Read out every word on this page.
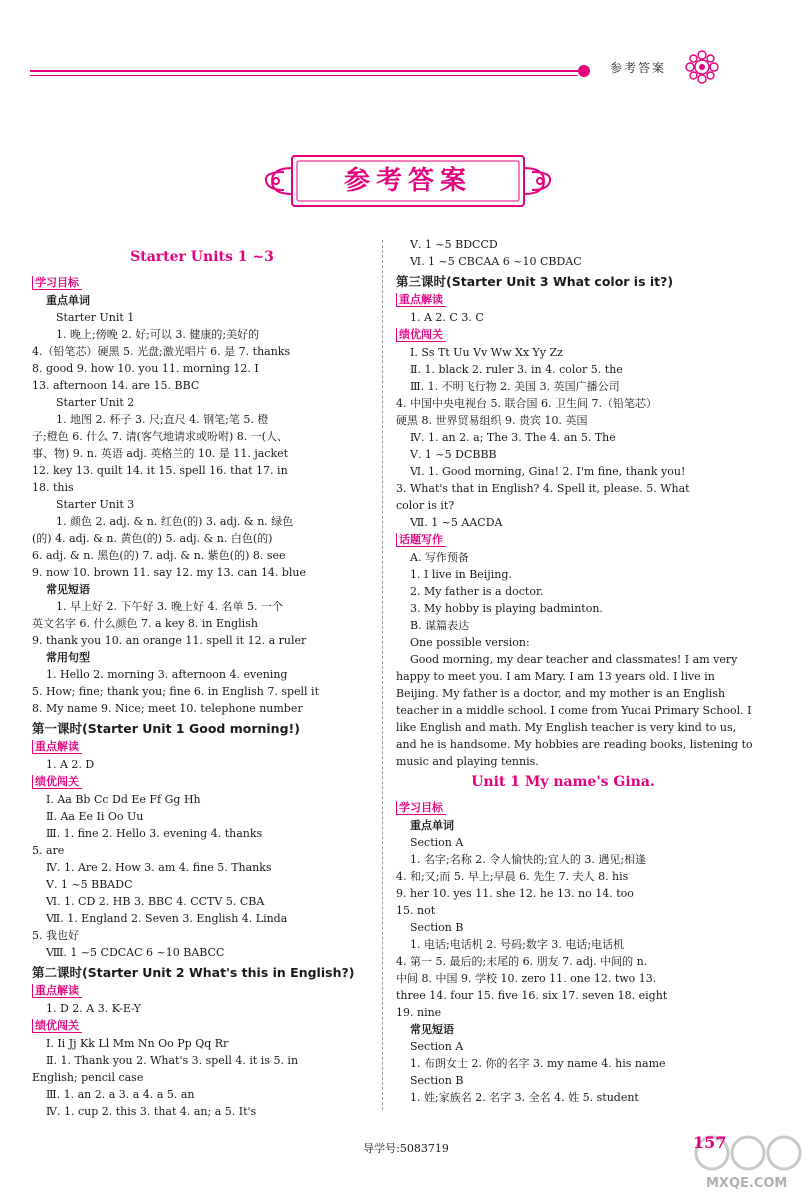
参考答案
参考答案

Starter Units 1 ~3

学习目标

重点单词

Starter Unit 1

1. 晚上;傍晚 2. 好;可以 3. 健康的;美好的

4.（铅笔芯）硬黑 5. 光盘;激光唱片 6. 是 7. thanks

8. good 9. how 10. you 11. morning 12. I

13. afternoon 14. are 15. BBC

Starter Unit 2

1. 地图 2. 杯子 3. 尺;直尺 4. 钢笔;笔 5. 橙

子;橙色 6. 什么 7. 请(客气地请求或吩咐) 8. 一(人、

事、物) 9. n. 英语 adj. 英格兰的 10. 是 11. jacket

12. key 13. quilt 14. it 15. spell 16. that 17. in

18. this

Starter Unit 3

1. 颜色 2. adj. & n. 红色(的) 3. adj. & n. 绿色

(的) 4. adj. & n. 黄色(的) 5. adj. & n. 白色(的)

6. adj. & n. 黑色(的) 7. adj. & n. 紫色(的) 8. see

9. now 10. brown 11. say 12. my 13. can 14. blue

常见短语

1. 早上好 2. 下午好 3. 晚上好 4. 名单 5. 一个

英文名字 6. 什么颜色 7. a key 8. in English

9. thank you 10. an orange 11. spell it 12. a ruler

常用句型

1. Hello 2. morning 3. afternoon 4. evening

5. How; fine; thank you; fine 6. in English 7. spell it

8. My name 9. Nice; meet 10. telephone number

第一课时(Starter Unit 1 Good morning!)

重点解读

1. A 2. D

绩优闯关

Ⅰ. Aa Bb Cc Dd Ee Ff Gg Hh

Ⅱ. Aa Ee Ii Oo Uu

Ⅲ. 1. fine 2. Hello 3. evening 4. thanks

5. are

Ⅳ. 1. Are 2. How 3. am 4. fine 5. Thanks

Ⅴ. 1 ~5 BBADC

Ⅵ. 1. CD 2. HB 3. BBC 4. CCTV 5. CBA

Ⅶ. 1. England 2. Seven 3. English 4. Linda

5. 我也好

Ⅷ. 1 ~5 CDCAC 6 ~10 BABCC

第二课时(Starter Unit 2 What's this in English?)

重点解读

1. D 2. A 3. K-E-Y

绩优闯关

Ⅰ. Ii Jj Kk Ll Mm Nn Oo Pp Qq Rr

Ⅱ. 1. Thank you 2. What's 3. spell 4. it is 5. in

English; pencil case

Ⅲ. 1. an 2. a 3. a 4. a 5. an

Ⅳ. 1. cup 2. this 3. that 4. an; a 5. It's

Ⅴ. 1 ~5 BDCCD

Ⅵ. 1 ~5 CBCAA 6 ~10 CBDAC

第三课时(Starter Unit 3 What color is it?)

重点解读

1. A 2. C 3. C

绩优闯关

Ⅰ. Ss Tt Uu Vv Ww Xx Yy Zz

Ⅱ. 1. black 2. ruler 3. in 4. color 5. the

Ⅲ. 1. 不明飞行物 2. 美国 3. 英国广播公司

4. 中国中央电视台 5. 联合国 6. 卫生间 7.（铅笔芯）

硬黑 8. 世界贸易组织 9. 贵宾 10. 英国

Ⅳ. 1. an 2. a; The 3. The 4. an 5. The

Ⅴ. 1 ~5 DCBBB

Ⅵ. 1. Good morning, Gina! 2. I'm fine, thank you!

3. What's that in English? 4. Spell it, please. 5. What

color is it?

Ⅶ. 1 ~5 AACDA

话题写作

A. 写作预备

1. I live in Beijing.

2. My father is a doctor.

3. My hobby is playing badminton.

B. 谋篇表达

One possible version:

Good morning, my dear teacher and classmates! I am very

happy to meet you. I am Mary. I am 13 years old. I live in

Beijing. My father is a doctor, and my mother is an English

teacher in a middle school. I come from Yucai Primary School. I

like English and math. My English teacher is very kind to us,

and he is handsome. My hobbies are reading books, listening to

music and playing tennis.

Unit 1 My name's Gina.

学习目标

重点单词

Section A

1. 名字;名称 2. 令人愉快的;宜人的 3. 遇见;相逢

4. 和;又;而 5. 早上;早晨 6. 先生 7. 夫人 8. his

9. her 10. yes 11. she 12. he 13. no 14. too

15. not

Section B

1. 电话;电话机 2. 号码;数字 3. 电话;电话机

4. 第一 5. 最后的;末尾的 6. 朋友 7. adj. 中间的 n.

中间 8. 中国 9. 学校 10. zero 11. one 12. two 13.

three 14. four 15. five 16. six 17. seven 18. eight

19. nine

常见短语

Section A

1. 布朗女士 2. 你的名字 3. my name 4. his name

Section B

1. 姓;家族名 2. 名字 3. 全名 4. 姓 5. student

导学号:5083719	157
MXQE.COM
